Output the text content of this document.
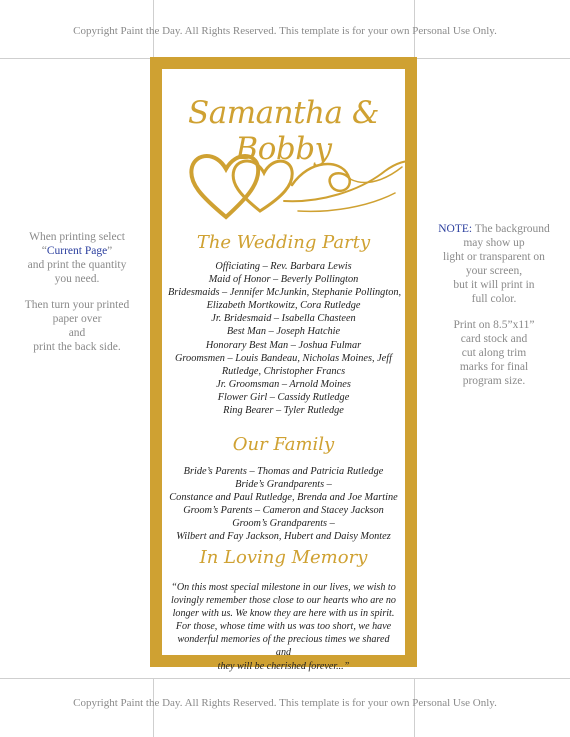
Copyright Paint the Day. All Rights Reserved. This template is for your own Personal Use Only.
Copyright Paint the Day. All Rights Reserved. This template is for your own Personal Use Only.

When printing select
“Current Page”
and print the quantity
you need.

Then turn your printed
paper over
and
print the back side.

NOTE: The background
may show up
light or transparent on
your screen,
but it will print in
full color.

Print on 8.5”x11”
card stock and
cut along trim
marks for final
program size.

Samantha & Bobby
The Wedding Party
Officiating – Rev. Barbara Lewis
Maid of Honor – Beverly Pollington
Bridesmaids – Jennifer McJunkin, Stephanie Pollington,
Elizabeth Mortkowitz, Cora Rutledge
Jr. Bridesmaid – Isabella Chasteen
Best Man – Joseph Hatchie
Honorary Best Man – Joshua Fulmar
Groomsmen – Louis Bandeau, Nicholas Moines, Jeff
Rutledge, Christopher Francs
Jr. Groomsman – Arnold Moines
Flower Girl – Cassidy Rutledge
Ring Bearer – Tyler Rutledge
Our Family
Bride’s Parents – Thomas and Patricia Rutledge
Bride’s Grandparents –
Constance and Paul Rutledge, Brenda and Joe Martine
Groom’s Parents – Cameron and Stacey Jackson
Groom’s Grandparents –
Wilbert and Fay Jackson, Hubert and Daisy Montez
In Loving Memory
“On this most special milestone in our lives, we wish to
lovingly remember those close to our hearts who are no
longer with us. We know they are here with us in spirit.
For those, whose time with us was too short, we have
wonderful memories of the precious times we shared and
they will be cherished forever...”
